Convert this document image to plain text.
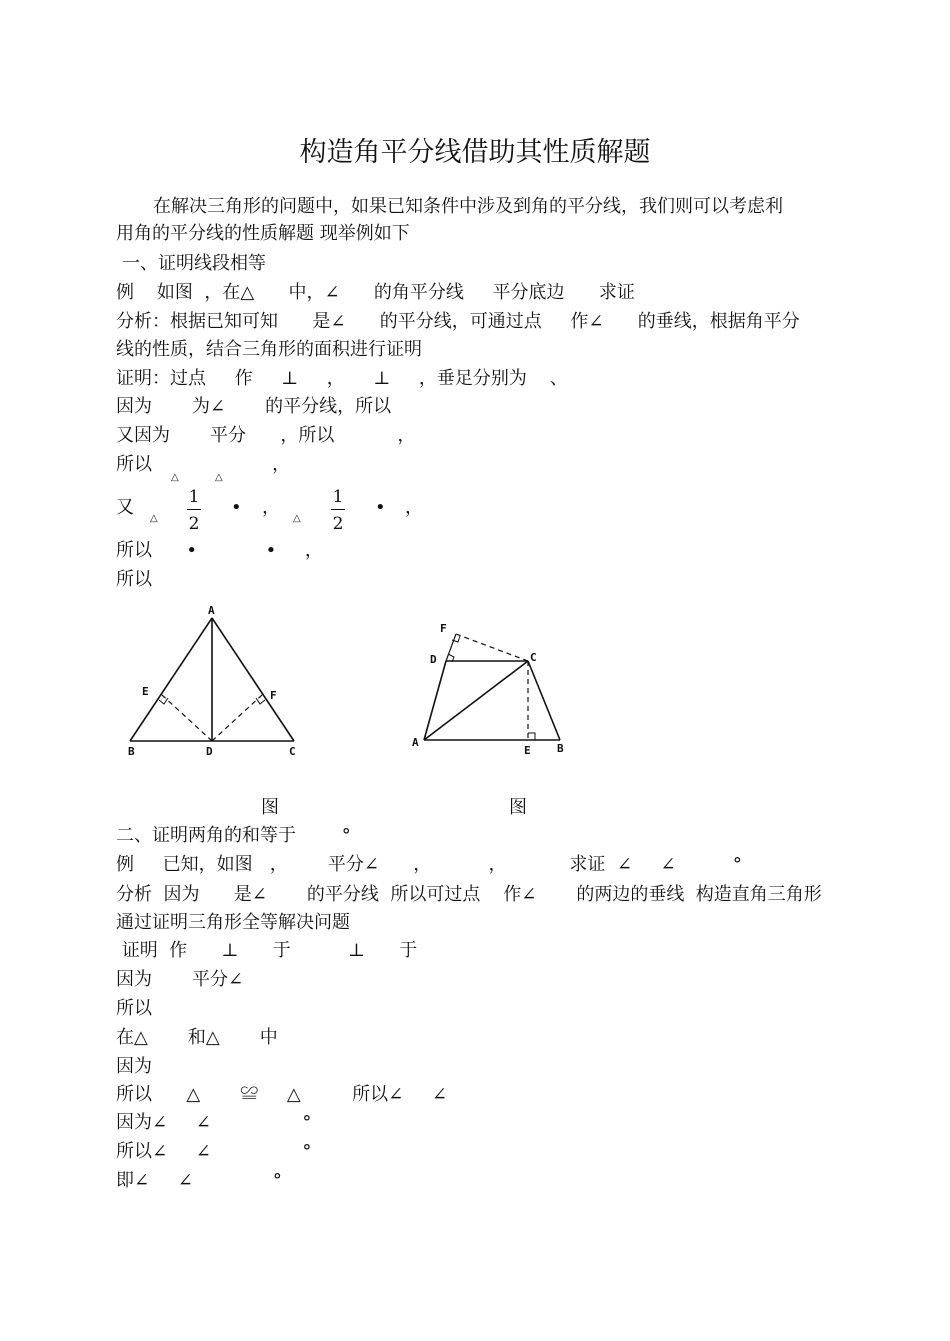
构造角平分线借助其性质解题
在解决三角形的问题中，如果已知条件中涉及到角的平分线，我们则可以考虑利
用角的平分线的性质解题 现举例如下
一、证明线段相等
例    如图  ，在△      中，∠      的角平分线     平分底边      求证
分析：根据已知可知      是∠      的平分线，可通过点     作∠      的垂线，根据角平分
线的性质，结合三角形的面积进行证明
证明：过点     作     ⊥     ，     ⊥     ，垂足分别为    、
因为       为∠       的平分线，所以
又因为       平分      ，所以           ，
所以                     ，
△	△
又
△
1
2
• ，
△
1
2
• ，
所以      •            •     ，
所以
A
E	F
B	D	C
F
D	C
A
E B
图	图
二、证明两角的和等于        °
例     已知，如图   ，       平分∠      ，          ，           求证  ∠     ∠          °
分析  因为      是∠       的平分线  所以可过点    作∠       的两边的垂线  构造直角三角形
通过证明三角形全等解决问题
证明  作      ⊥      于          ⊥      于
因为       平分∠
所以
在△       和△       中
因为
所以      △       ≌     △         所以∠     ∠
因为∠     ∠                °
所以∠     ∠                °
即∠     ∠              °
